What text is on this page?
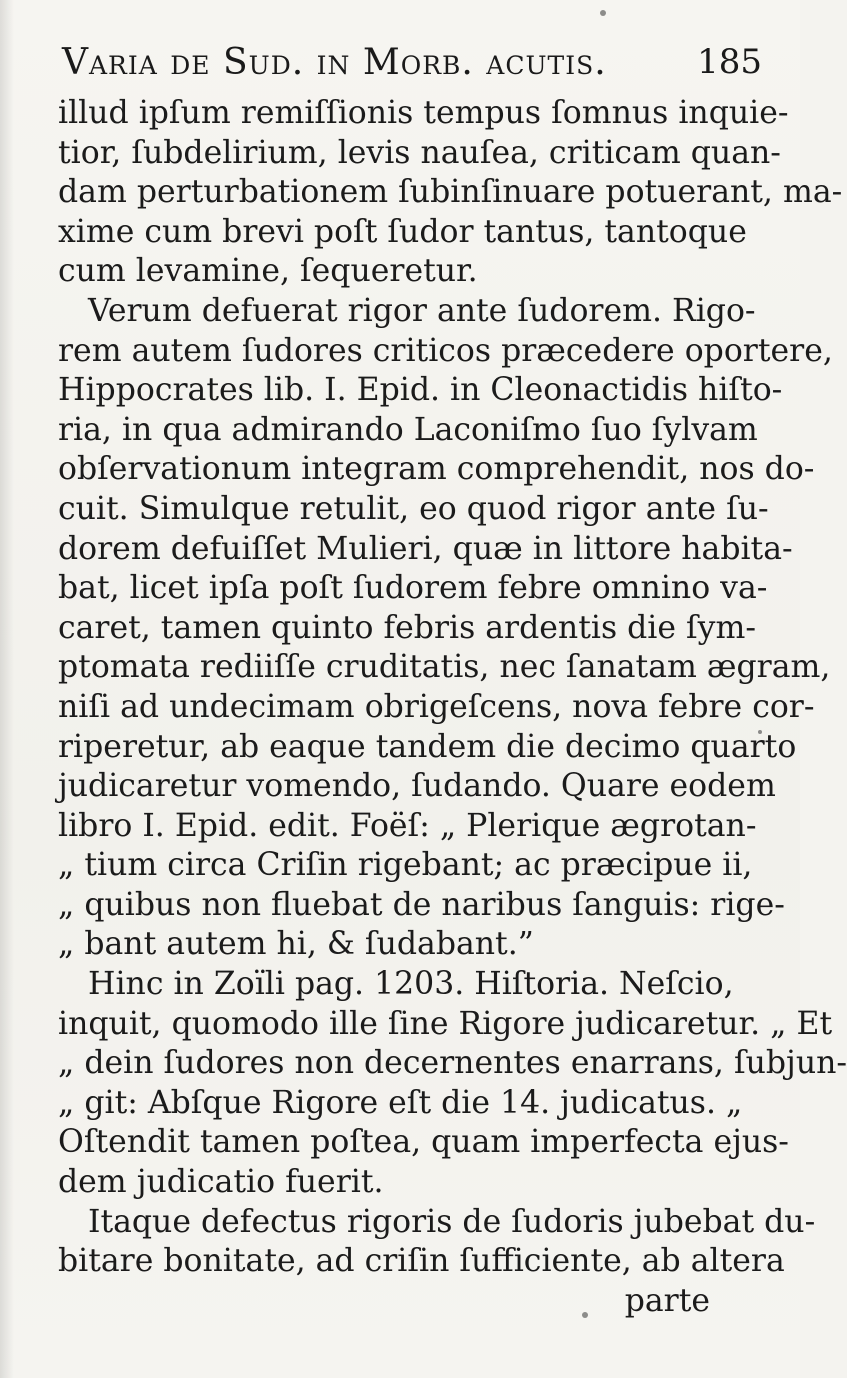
Varia de Sud. in Morb. acutis.	185
illud ipſum remiſſionis tempus ſomnus inquie-
tior, ſubdelirium, levis nauſea, criticam quan-
dam perturbationem ſubinſinuare potuerant, ma-
xime cum brevi poſt ſudor tantus, tantoque
cum levamine, ſequeretur.
Verum defuerat rigor ante ſudorem. Rigo-
rem autem ſudores criticos præcedere oportere,
Hippocrates lib. I. Epid. in Cleonactidis hiſto-
ria, in qua admirando Laconiſmo ſuo ſylvam
obſervationum integram comprehendit, nos do-
cuit. Simulque retulit, eo quod rigor ante ſu-
dorem defuiſſet Mulieri, quæ in littore habita-
bat, licet ipſa poſt ſudorem febre omnino va-
caret, tamen quinto febris ardentis die ſym-
ptomata rediiſſe cruditatis, nec ſanatam ægram,
niſi ad undecimam obrigeſcens, nova febre cor-
riperetur, ab eaque tandem die decimo quarto
judicaretur vomendo, ſudando. Quare eodem
libro I. Epid. edit. Foëſ: „ Plerique ægrotan-
„ tium circa Criſin rigebant; ac præcipue ii,
„ quibus non fluebat de naribus ſanguis: rige-
„ bant autem hi, & ſudabant.”
Hinc in Zoïli pag. 1203. Hiſtoria. Neſcio,
inquit, quomodo ille ſine Rigore judicaretur. „ Et
„ dein ſudores non decernentes enarrans, ſubjun-
„ git: Abſque Rigore eſt die 14. judicatus. „
Oſtendit tamen poſtea, quam imperfecta ejus-
dem judicatio fuerit.
Itaque defectus rigoris de ſudoris jubebat du-
bitare bonitate, ad criſin ſufficiente, ab altera
parte
